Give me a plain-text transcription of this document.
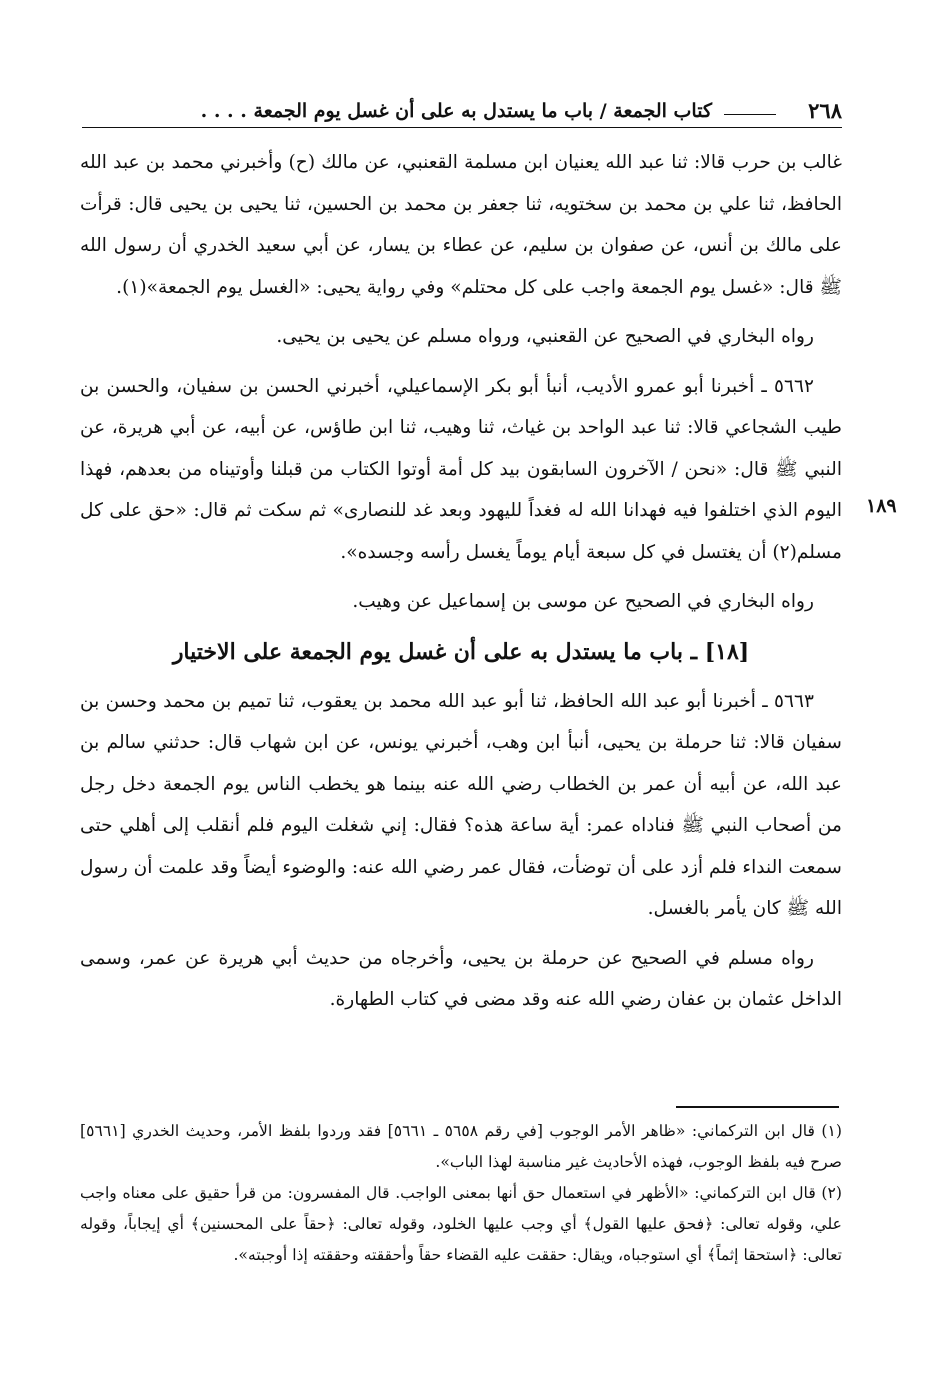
٢٦٨
كتاب الجمعة / باب ما يستدل به على أن غسل يوم الجمعة . . . .
١٨٩

غالب بن حرب قالا: ثنا عبد الله يعنيان ابن مسلمة القعنبي، عن مالك (ح) وأخبرني محمد بن عبد الله الحافظ، ثنا علي بن محمد بن سختويه، ثنا جعفر بن محمد بن الحسين، ثنا يحيى بن يحيى قال: قرأت على مالك بن أنس، عن صفوان بن سليم، عن عطاء بن يسار، عن أبي سعيد الخدري أن رسول الله ﷺ قال: «غسل يوم الجمعة واجب على كل محتلم» وفي رواية يحيى: «الغسل يوم الجمعة»(١).

رواه البخاري في الصحيح عن القعنبي، ورواه مسلم عن يحيى بن يحيى.

٥٦٦٢ ـ أخبرنا أبو عمرو الأديب، أنبأ أبو بكر الإسماعيلي، أخبرني الحسن بن سفيان، والحسن بن طيب الشجاعي قالا: ثنا عبد الواحد بن غياث، ثنا وهيب، ثنا ابن طاؤس، عن أبيه، عن أبي هريرة، عن النبي ﷺ قال: «نحن / الآخرون السابقون بيد كل أمة أوتوا الكتاب من قبلنا وأوتيناه من بعدهم، فهذا اليوم الذي اختلفوا فيه فهدانا الله له فغداً لليهود وبعد غد للنصارى» ثم سكت ثم قال: «حق على كل مسلم(٢) أن يغتسل في كل سبعة أيام يوماً يغسل رأسه وجسده».

رواه البخاري في الصحيح عن موسى بن إسماعيل عن وهيب.

[١٨] ـ باب ما يستدل به على أن غسل يوم الجمعة على الاختيار

٥٦٦٣ ـ أخبرنا أبو عبد الله الحافظ، ثنا أبو عبد الله محمد بن يعقوب، ثنا تميم بن محمد وحسن بن سفيان قالا: ثنا حرملة بن يحيى، أنبأ ابن وهب، أخبرني يونس، عن ابن شهاب قال: حدثني سالم بن عبد الله، عن أبيه أن عمر بن الخطاب رضي الله عنه بينما هو يخطب الناس يوم الجمعة دخل رجل من أصحاب النبي ﷺ فناداه عمر: أية ساعة هذه؟ فقال: إني شغلت اليوم فلم أنقلب إلى أهلي حتى سمعت النداء فلم أزد على أن توضأت، فقال عمر رضي الله عنه: والوضوء أيضاً وقد علمت أن رسول الله ﷺ كان يأمر بالغسل.

رواه مسلم في الصحيح عن حرملة بن يحيى، وأخرجاه من حديث أبي هريرة عن عمر، وسمى الداخل عثمان بن عفان رضي الله عنه وقد مضى في كتاب الطهارة.

(١) قال ابن التركماني: «ظاهر الأمر الوجوب [في رقم ٥٦٥٨ ـ ٥٦٦١] فقد وردوا بلفظ الأمر، وحديث الخدري [٥٦٦١] صرح فيه بلفظ الوجوب، فهذه الأحاديث غير مناسبة لهذا الباب».

(٢) قال ابن التركماني: «الأظهر في استعمال حق أنها بمعنى الواجب. قال المفسرون: من قرأ حقيق على معناه واجب علي، وقوله تعالى: ﴿فحق عليها القول﴾ أي وجب عليها الخلود، وقوله تعالى: ﴿حقاً على المحسنين﴾ أي إيجاباً، وقوله تعالى: ﴿استحقا إثماً﴾ أي استوجباه، ويقال: حققت عليه القضاء حقاً وأحققته وحققته إذا أوجبته».
